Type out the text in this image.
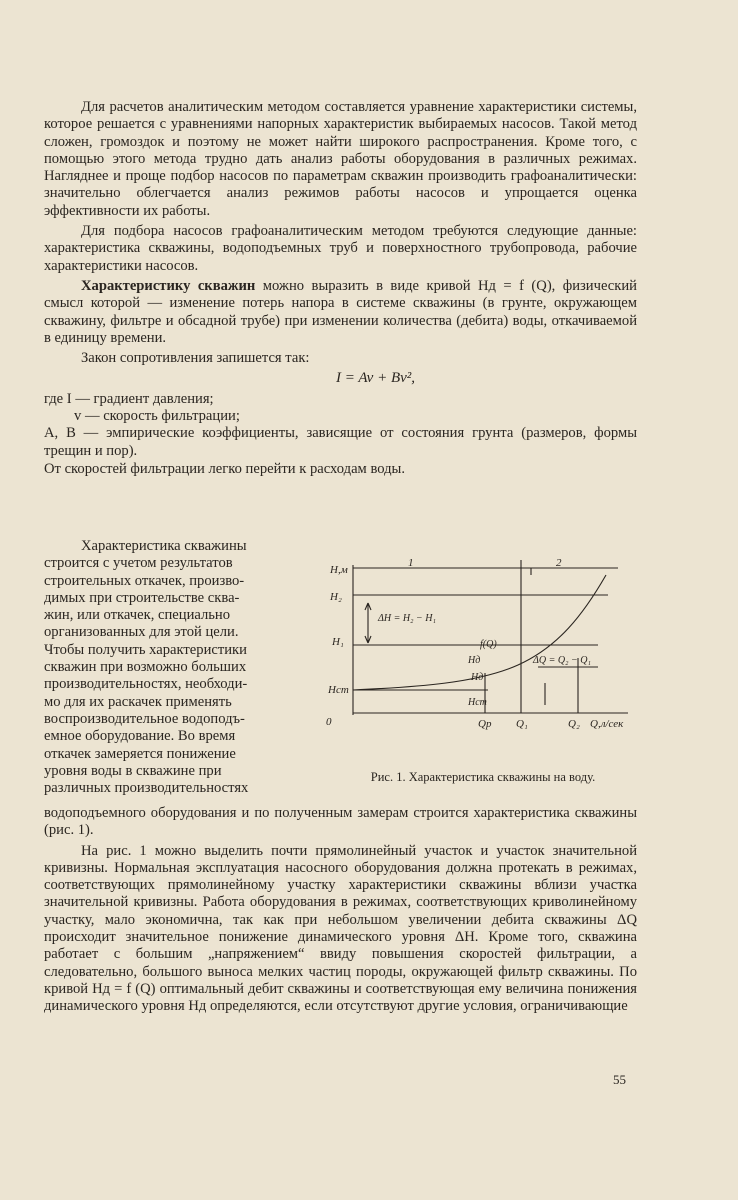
Для расчетов аналитическим методом составляется уравнение характеристики системы, которое решается с уравнениями напорных характеристик выбираемых насосов. Такой метод сложен, громоздок и поэтому не может найти широкого распространения. Кроме того, с помощью этого метода трудно дать анализ работы оборудования в различных режимах. Нагляднее и проще подбор насосов по параметрам скважин производить графоаналитически: значительно облегчается анализ режимов работы насосов и упрощается оценка эффективности их работы.

Для подбора насосов графоаналитическим методом требуются следующие данные: характеристика скважины, водоподъемных труб и поверхностного трубопровода, рабочие характеристики насосов.

Характеристику скважин можно выразить в виде кривой Hд = f (Q), физический смысл которой — изменение потерь напора в системе скважины (в грунте, окружающем скважину, фильтре и обсадной трубе) при изменении количества (дебита) воды, откачиваемой в единицу времени.

Закон сопротивления запишется так:

I = Av + Bv²,

где I — градиент давления;

v — скорость фильтрации;

A, B — эмпирические коэффициенты, зависящие от состояния грунта (размеров, формы трещин и пор).

От скоростей фильтрации легко перейти к расходам воды.

Характеристика скважины

строится с учетом результатов

строительных откачек, произво-

димых при строительстве сква-

жин, или откачек, специально

организованных для этой цели.

Чтобы получить характеристики

скважин при возможно больших

производительностях, необходи-

мо для их раскачек применять

воспроизводительное водоподъ-

емное оборудование. Во время

откачек замеряется понижение

уровня воды в скважине при

различных производительностях

водоподъемного оборудования и по полученным замерам строится характеристика скважины (рис. 1).

На рис. 1 можно выделить почти прямолинейный участок и участок значительной кривизны. Нормальная эксплуатация насосного оборудования должна протекать в режимах, соответствующих прямолинейному участку характеристики скважины вблизи участка значительной кривизны. Работа оборудования в режимах, соответствующих криволинейному участку, мало экономична, так как при небольшом увеличении дебита скважины ΔQ происходит значительное понижение динамического уровня ΔH. Кроме того, скважина работает с большим „напряжением“ ввиду повышения скоростей фильтрации, а следовательно, большого выноса мелких частиц породы, окружающей фильтр скважины. По кривой Hд = f (Q) оптимальный дебит скважины и соответствующая ему величина понижения динамического уровня Hд определяются, если отсутствуют другие условия, ограничивающие

H,м
H₂
H₁
Hст
0
ΔH = H₂ − H₁
1	2
Hд
f(Q)
ΔQ = Q₂ − Q₁
Hд
Hст
Qр Q₁	Q₂ Q,л/сек
Рис. 1. Характеристика скважины на воду.
55
